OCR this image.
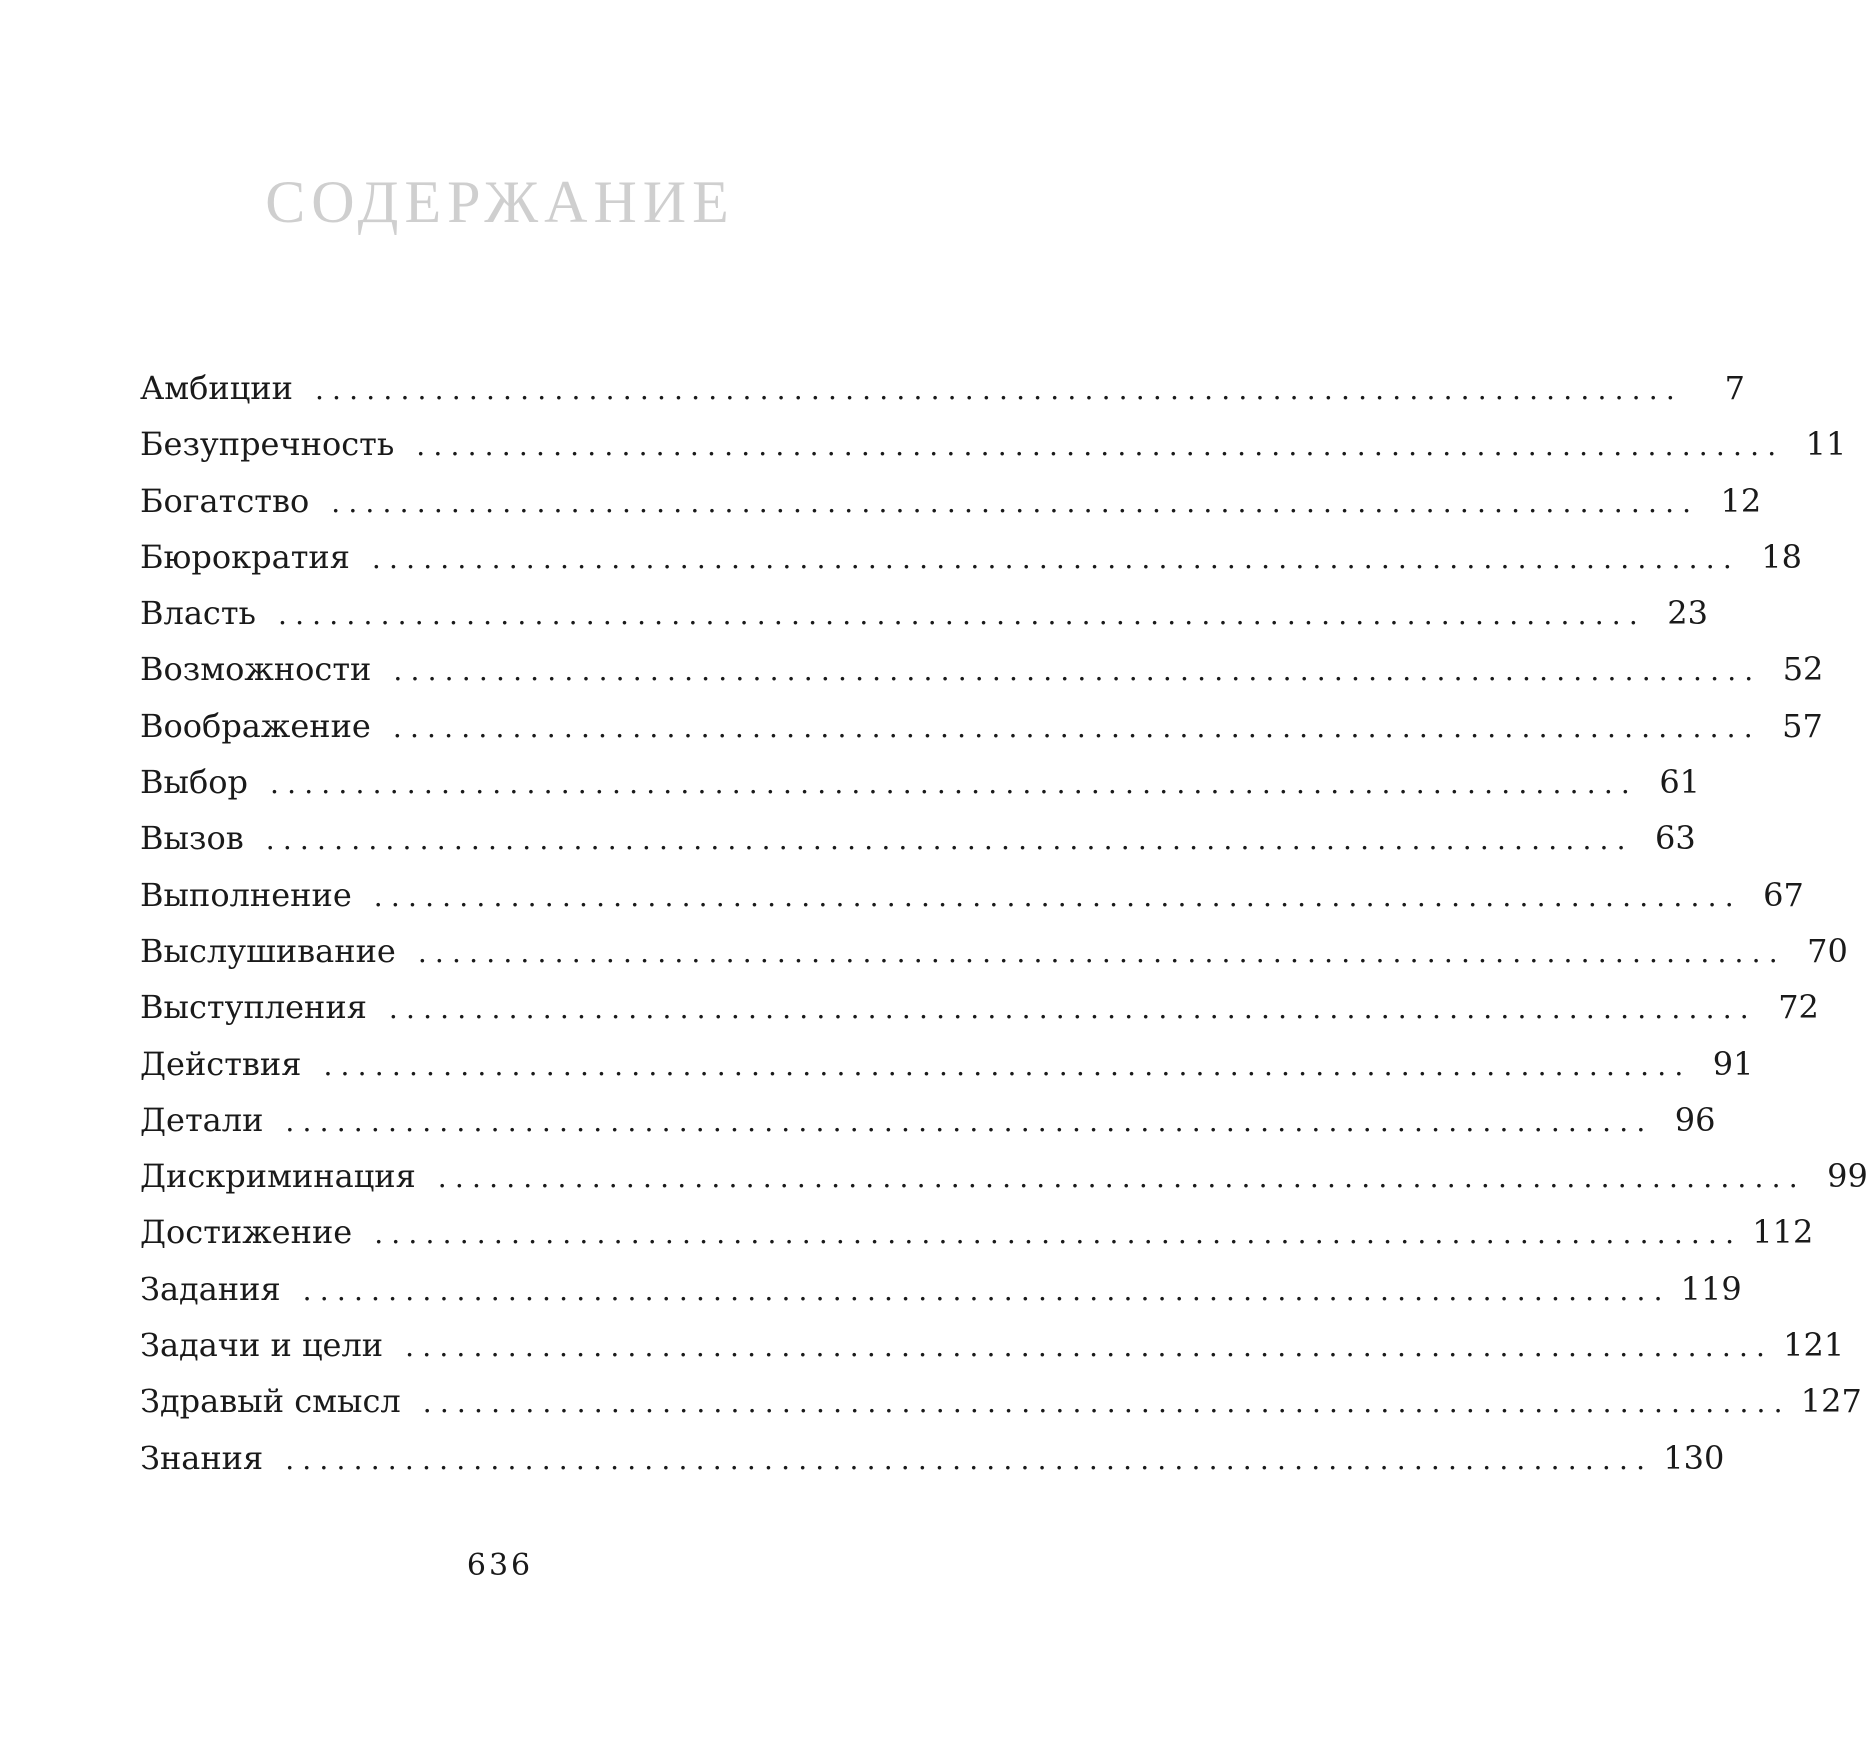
СОДЕРЖАНИЕ
Амбиции ................................................................................	7
Безупречность ................................................................................ 11
Богатство ................................................................................ 12
Бюрократия ................................................................................ 18
Власть ................................................................................ 23
Возможности ................................................................................ 52
Воображение ................................................................................ 57
Выбор ................................................................................ 61
Вызов ................................................................................ 63
Выполнение ................................................................................ 67
Выслушивание ................................................................................ 70
Выступления ................................................................................ 72
Действия ................................................................................ 91
Детали ................................................................................ 96
Дискриминация ................................................................................ 99
Достижение ................................................................................ 112
Задания ................................................................................ 119
Задачи и цели ................................................................................ 121
Здравый смысл ................................................................................ 127
Знания ................................................................................ 130
636
